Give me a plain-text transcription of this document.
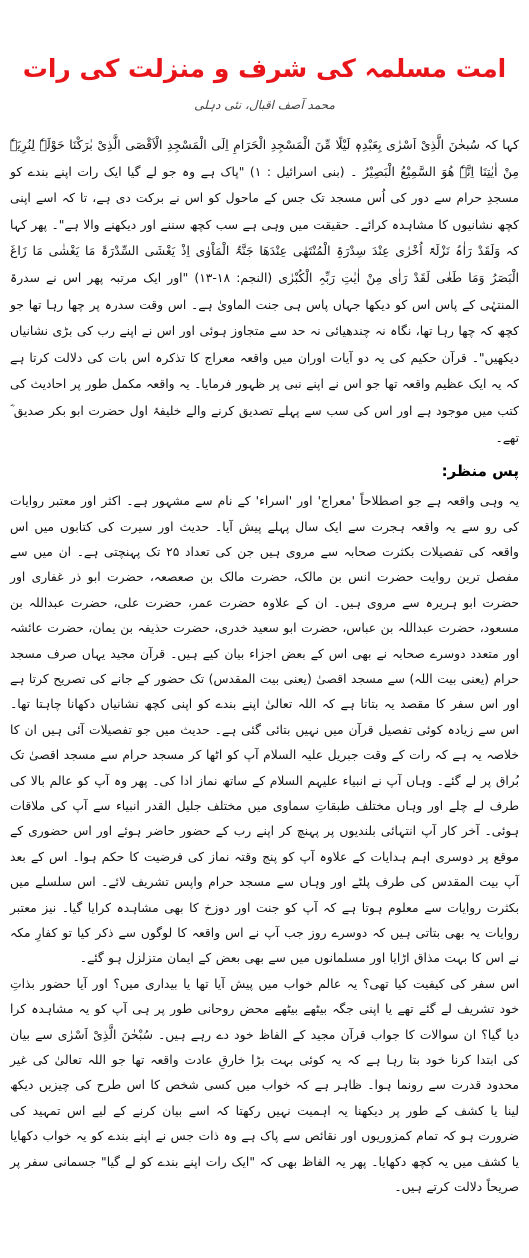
امت مسلمہ کی شرف و منزلت کی رات
محمد آصف اقبال، نئی دہلی

کہا کہ سُبحٰنَ الَّذِیْ اَسْرٰی بِعَبْدِہٖ لَیْلًا مِّنَ الْمَسْجِدِ الْحَرَامِ اِلَی الْمَسْجِدِ الْاَقْصَی الَّذِیْ بٰرَکْنَا حَوْلَہٗ لِنُرِیَہٗ مِنْ اٰیٰتِنَا اِنَّہٗ ھُوَ السَّمِیْعُ الْبَصِیْرُ ۔ (بنی اسرائیل : ۱) "پاک ہے وہ جو لے گیا ایک رات اپنے بندے کو مسجدِ حرام سے دور کی اُس مسجد تک جس کے ماحول کو اس نے برکت دی ہے، تا کہ اسے اپنی کچھ نشانیوں کا مشاہدہ کرائے۔ حقیقت میں وہی ہے سب کچھ سننے اور دیکھنے والا ہے"۔ پھر کہا کہ وَلَقَدْ رَاٰہُ نَزْلَۃً اُخْرٰی عِنْدَ سِدْرَۃِ الْمُنْتَھٰی عِنْدَھَا جَنَّۃُ الْمَاْوٰی اِذْ یَغْشَی السِّدْرَۃَ مَا یَغْشٰی مَا زَاغَ الْبَصَرُ وَمَا طَغٰی لَقَدْ رَاٰی مِنْ اٰیٰتِ رَبِّہِ الْکُبْرٰی (النجم: ۱۸-۱۳) "اور ایک مرتبہ پھر اس نے سدرۃ المنتہٰی کے پاس اس کو دیکھا جہاں پاس ہی جنت الماویٰ ہے۔ اس وقت سدرہ پر چھا رہا تھا جو کچھ کہ چھا رہا تھا، نگاہ نہ چندھیائی نہ حد سے متجاوز ہوئی اور اس نے اپنے رب کی بڑی نشانیاں دیکھیں"۔ قرآن حکیم کی یہ دو آیات اوران میں واقعہ معراج کا تذکرہ اس بات کی دلالت کرتا ہے کہ یہ ایک عظیم واقعہ تھا جو اس نے اپنے نبی پر ظہور فرمایا۔ یہ واقعہ مکمل طور پر احادیث کی کتب میں موجود ہے اور اس کی سب سے پہلے تصدیق کرنے والے خلیفۂ اول حضرت ابو بکر صدیق ؓ تھے۔

پس منظر:

یہ وہی واقعہ ہے جو اصطلاحاً 'معراج' اور 'اسراء' کے نام سے مشہور ہے۔ اکثر اور معتبر روایات کی رو سے یہ واقعہ ہجرت سے ایک سال پہلے پیش آیا۔ حدیث اور سیرت کی کتابوں میں اس واقعہ کی تفصیلات بکثرت صحابہ سے مروی ہیں جن کی تعداد ۲۵ تک پہنچتی ہے۔ ان میں سے مفصل ترین روایت حضرت انس بن مالک، حضرت مالک بن صعصعہ، حضرت ابو ذر غفاری اور حضرت ابو ہریرہ سے مروی ہیں۔ ان کے علاوہ حضرت عمر، حضرت علی، حضرت عبداللہ بن مسعود، حضرت عبداللہ بن عباس، حضرت ابو سعید خدری، حضرت حذیفہ بن یمان، حضرت عائشہ اور متعدد دوسرے صحابہ نے بھی اس کے بعض اجزاء بیان کیے ہیں۔ قرآن مجید یہاں صرف مسجد حرام (یعنی بیت اللہ) سے مسجد اقصیٰ (یعنی بیت المقدس) تک حضور کے جانے کی تصریح کرتا ہے اور اس سفر کا مقصد یہ بتاتا ہے کہ اللہ تعالیٰ اپنے بندے کو اپنی کچھ نشانیاں دکھانا چاہتا تھا۔ اس سے زیادہ کوئی تفصیل قرآن میں نہیں بتائی گئی ہے۔ حدیث میں جو تفصیلات آئی ہیں ان کا خلاصہ یہ ہے کہ رات کے وقت جبریل علیہ السلام آپ کو اٹھا کر مسجد حرام سے مسجد اقصیٰ تک بُراق پر لے گئے۔ وہاں آپ نے انبیاء علیہم السلام کے ساتھ نماز ادا کی۔ پھر وہ آپ کو عالم بالا کی طرف لے چلے اور وہاں مختلف طبقاتِ سماوی میں مختلف جلیل القدر انبیاء سے آپ کی ملاقات ہوئی۔ آخر کار آپ انتہائی بلندیوں پر پہنچ کر اپنے رب کے حضور حاضر ہوئے اور اس حضوری کے موقع پر دوسری اہم ہدایات کے علاوہ آپ کو پنج وقتہ نماز کی فرضیت کا حکم ہوا۔ اس کے بعد آپ بیت المقدس کی طرف پلٹے اور وہاں سے مسجد حرام واپس تشریف لائے۔ اس سلسلے میں بکثرت روایات سے معلوم ہوتا ہے کہ آپ کو جنت اور دوزخ کا بھی مشاہدہ کرایا گیا۔ نیز معتبر روایات یہ بھی بتاتی ہیں کہ دوسرے روز جب آپ نے اس واقعہ کا لوگوں سے ذکر کیا تو کفارِ مکہ نے اس کا بہت مذاق اڑایا اور مسلمانوں میں سے بھی بعض کے ایمان متزلزل ہو گئے۔

اس سفر کی کیفیت کیا تھی؟ یہ عالم خواب میں پیش آیا تھا یا بیداری میں؟ اور آیا حضور بذاتِ خود تشریف لے گئے تھے یا اپنی جگہ بیٹھے بیٹھے محض روحانی طور پر ہی آپ کو یہ مشاہدہ کرا دیا گیا؟ ان سوالات کا جواب قرآن مجید کے الفاظ خود دے رہے ہیں۔ سُبْحٰنَ الَّذِیْ اَسْرٰی سے بیان کی ابتدا کرنا خود بتا رہا ہے کہ یہ کوئی بہت بڑا خارقِ عادت واقعہ تھا جو اللہ تعالیٰ کی غیر محدود قدرت سے رونما ہوا۔ ظاہر ہے کہ خواب میں کسی شخص کا اس طرح کی چیزیں دیکھ لینا یا کشف کے طور پر دیکھنا یہ اہمیت نہیں رکھتا کہ اسے بیان کرنے کے لیے اس تمہید کی ضرورت ہو کہ تمام کمزوریوں اور نقائص سے پاک ہے وہ ذات جس نے اپنے بندے کو یہ خواب دکھایا یا کشف میں یہ کچھ دکھایا۔ پھر یہ الفاظ بھی کہ "ایک رات اپنے بندے کو لے گیا" جسمانی سفر پر صریحاً دلالت کرتے ہیں۔
